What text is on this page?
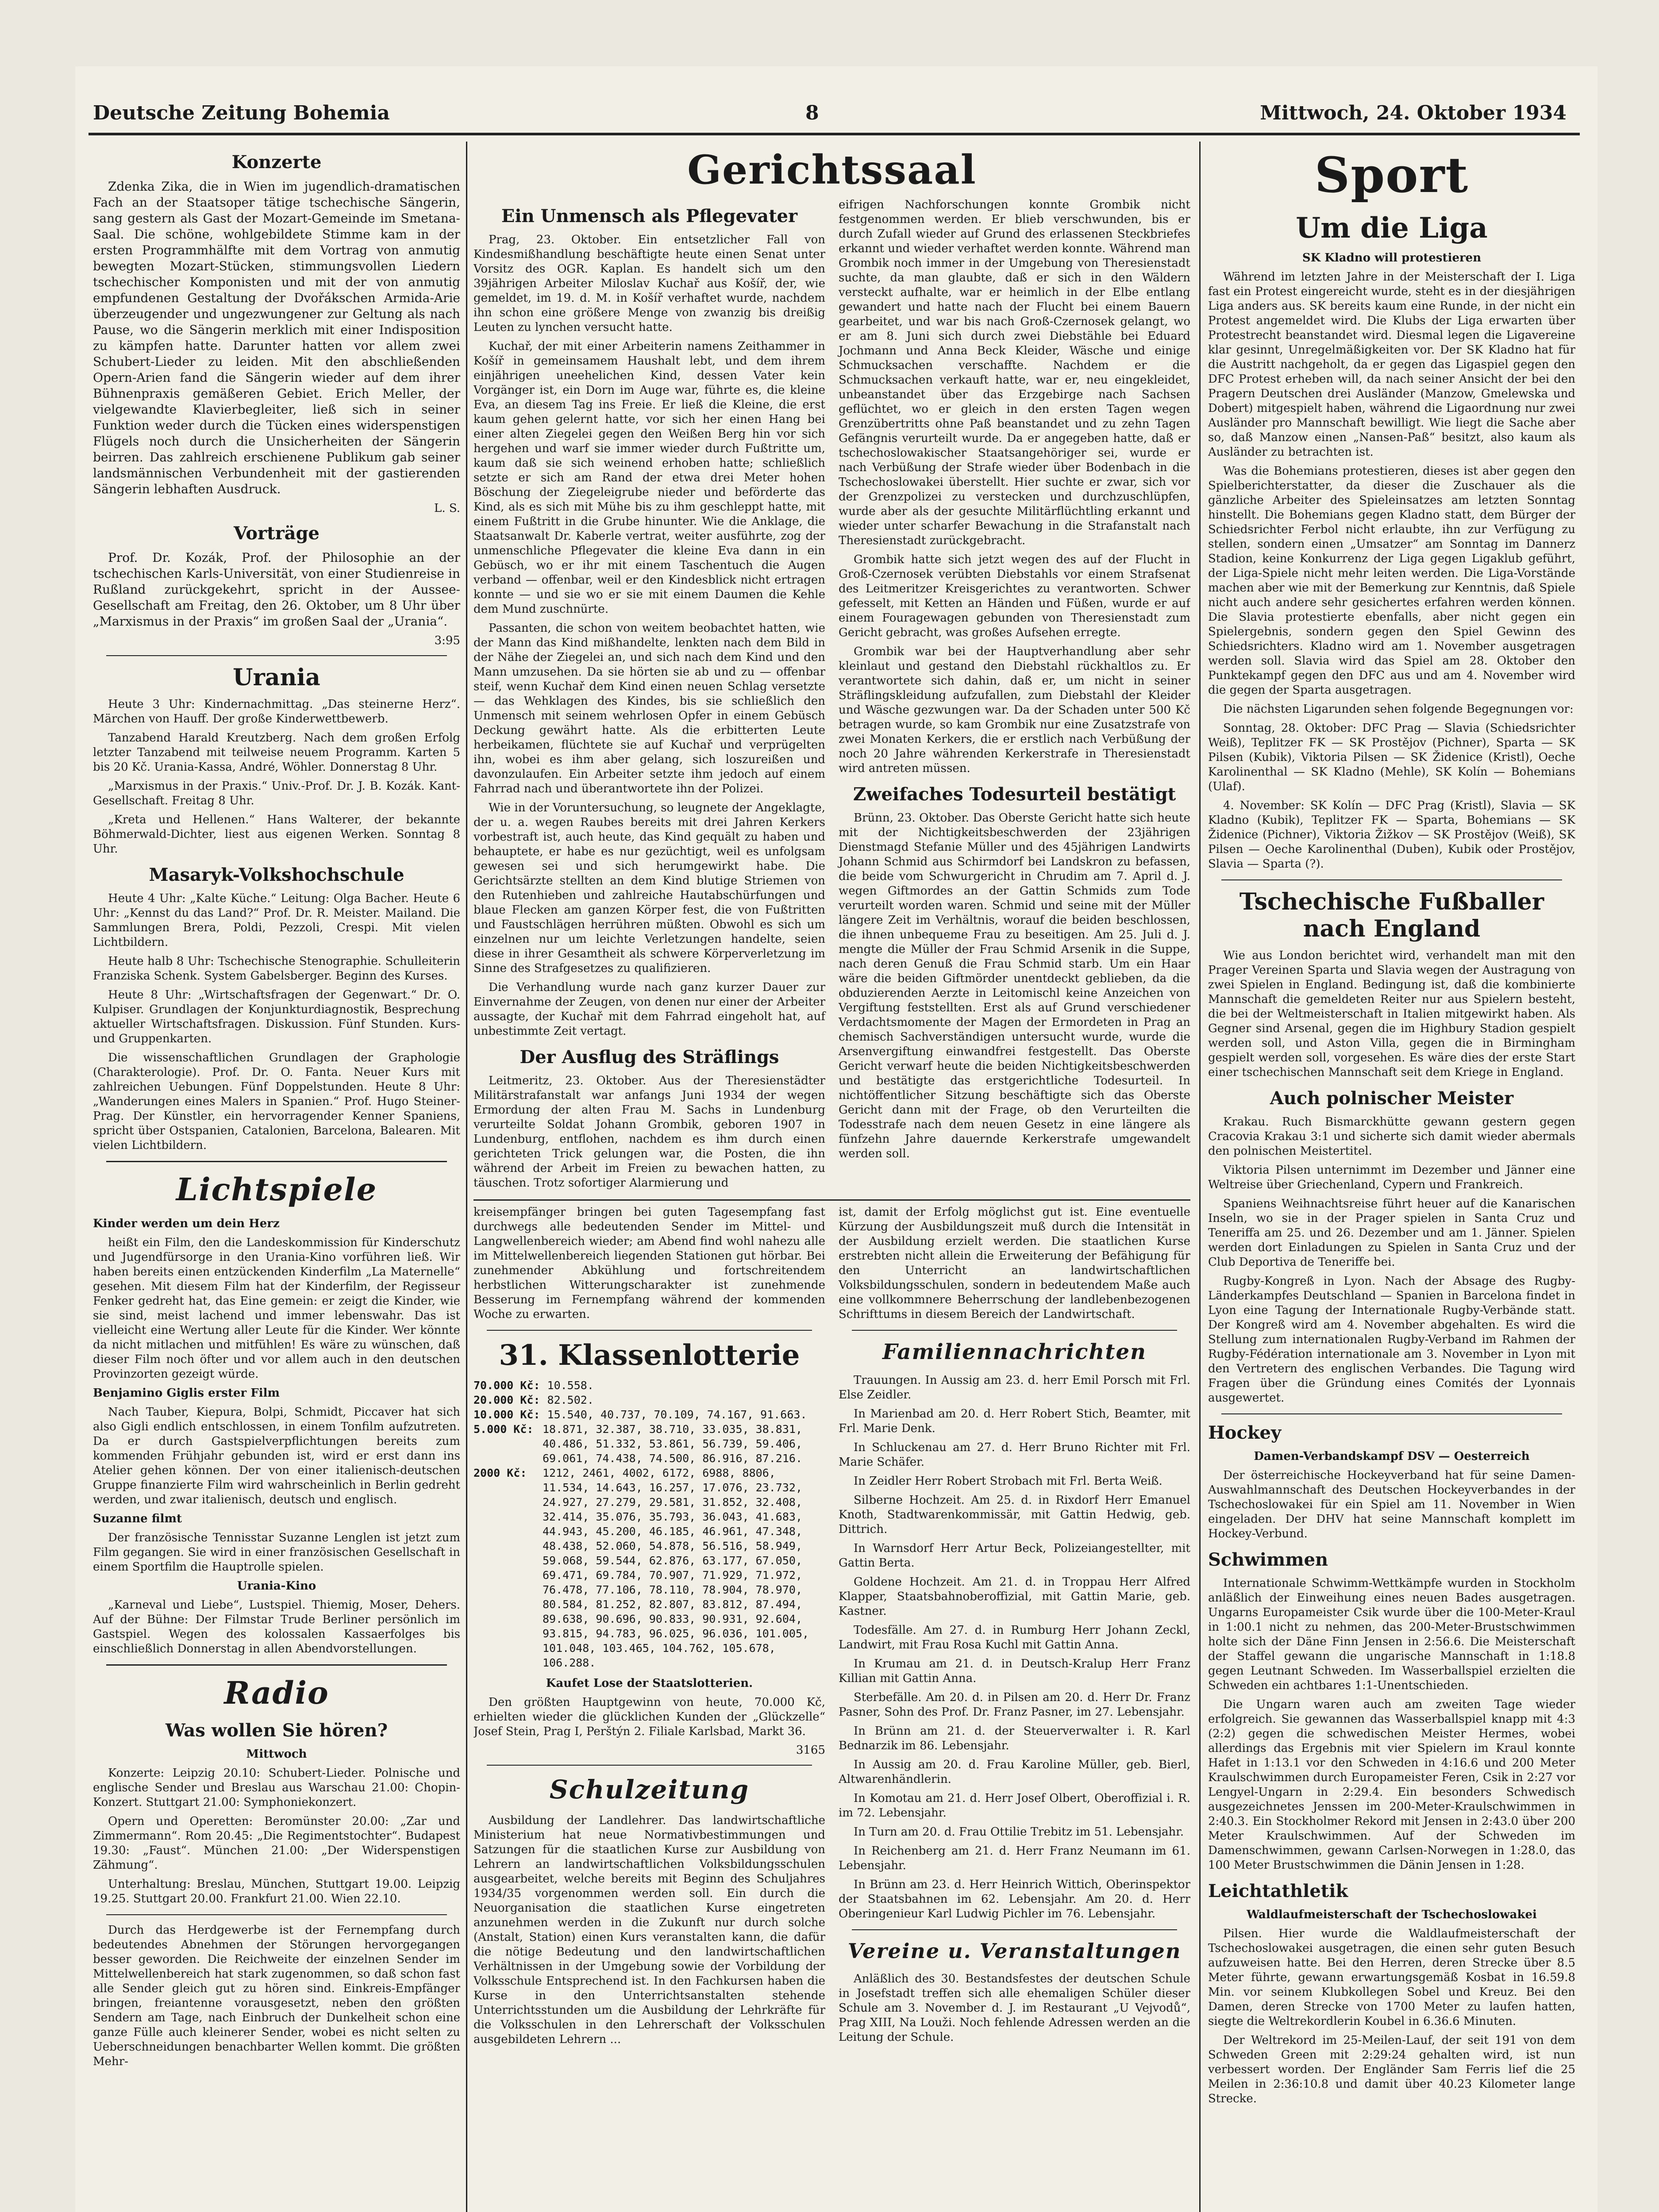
Deutsche Zeitung Bohemia	8	Mittwoch, 24. Oktober 1934
Konzerte

Zdenka Zika, die in Wien im jugendlich-dramatischen Fach an der Staatsoper tätige tschechische Sängerin, sang gestern als Gast der Mozart-Gemeinde im Smetana-Saal. Die schöne, wohlgebildete Stimme kam in der ersten Programmhälfte mit dem Vortrag von anmutig bewegten Mozart-Stücken, stimmungsvollen Liedern tschechischer Komponisten und mit der von anmutig empfundenen Gestaltung der Dvořákschen Armida-Arie überzeugender und ungezwungener zur Geltung als nach Pause, wo die Sängerin merklich mit einer Indisposition zu kämpfen hatte. Darunter hatten vor allem zwei Schubert-Lieder zu leiden. Mit den abschließenden Opern-Arien fand die Sängerin wieder auf dem ihrer Bühnenpraxis gemäßeren Gebiet. Erich Meller, der vielgewandte Klavierbegleiter, ließ sich in seiner Funktion weder durch die Tücken eines widerspenstigen Flügels noch durch die Unsicherheiten der Sängerin beirren. Das zahlreich erschienene Publikum gab seiner landsmännischen Verbundenheit mit der gastierenden Sängerin lebhaften Ausdruck.

L. S.
Vorträge

Prof. Dr. Kozák, Prof. der Philosophie an der tschechischen Karls-Universität, von einer Studienreise in Rußland zurückgekehrt, spricht in der Aussee-Gesellschaft am Freitag, den 26. Oktober, um 8 Uhr über „Marxismus in der Praxis“ im großen Saal der „Urania“.

3:95
Urania

Heute 3 Uhr: Kindernachmittag. „Das steinerne Herz“. Märchen von Hauff. Der große Kinderwettbewerb.

Tanzabend Harald Kreutzberg. Nach dem großen Erfolg letzter Tanzabend mit teilweise neuem Programm. Karten 5 bis 20 Kč. Urania-Kassa, André, Wöhler. Donnerstag 8 Uhr.

„Marxismus in der Praxis.“ Univ.-Prof. Dr. J. B. Kozák. Kant-Gesellschaft. Freitag 8 Uhr.

„Kreta und Hellenen.“ Hans Walterer, der bekannte Böhmerwald-Dichter, liest aus eigenen Werken. Sonntag 8 Uhr.

Masaryk-Volkshochschule

Heute 4 Uhr: „Kalte Küche.“ Leitung: Olga Bacher. Heute 6 Uhr: „Kennst du das Land?“ Prof. Dr. R. Meister. Mailand. Die Sammlungen Brera, Poldi, Pezzoli, Crespi. Mit vielen Lichtbildern.

Heute halb 8 Uhr: Tschechische Stenographie. Schulleiterin Franziska Schenk. System Gabelsberger. Beginn des Kurses.

Heute 8 Uhr: „Wirtschaftsfragen der Gegenwart.“ Dr. O. Kulpiser. Grundlagen der Konjunkturdiagnostik, Besprechung aktueller Wirtschaftsfragen. Diskussion. Fünf Stunden. Kurs- und Gruppenkarten.

Die wissenschaftlichen Grundlagen der Graphologie (Charakterologie). Prof. Dr. O. Fanta. Neuer Kurs mit zahlreichen Uebungen. Fünf Doppelstunden. Heute 8 Uhr: „Wanderungen eines Malers in Spanien.“ Prof. Hugo Steiner-Prag. Der Künstler, ein hervorragender Kenner Spaniens, spricht über Ostspanien, Catalonien, Barcelona, Balearen. Mit vielen Lichtbildern.

Lichtspiele

Kinder werden um dein Herz

heißt ein Film, den die Landeskommission für Kinderschutz und Jugendfürsorge in den Urania-Kino vorführen ließ. Wir haben bereits einen entzückenden Kinderfilm „La Maternelle“ gesehen. Mit diesem Film hat der Kinderfilm, der Regisseur Fenker gedreht hat, das Eine gemein: er zeigt die Kinder, wie sie sind, meist lachend und immer lebenswahr. Das ist vielleicht eine Wertung aller Leute für die Kinder. Wer könnte da nicht mitlachen und mitfühlen! Es wäre zu wünschen, daß dieser Film noch öfter und vor allem auch in den deutschen Provinzorten gezeigt würde.

Benjamino Giglis erster Film

Nach Tauber, Kiepura, Bolpi, Schmidt, Piccaver hat sich also Gigli endlich entschlossen, in einem Tonfilm aufzutreten. Da er durch Gastspielverpflichtungen bereits zum kommenden Frühjahr gebunden ist, wird er erst dann ins Atelier gehen können. Der von einer italienisch-deutschen Gruppe finanzierte Film wird wahrscheinlich in Berlin gedreht werden, und zwar italienisch, deutsch und englisch.

Suzanne filmt

Der französische Tennisstar Suzanne Lenglen ist jetzt zum Film gegangen. Sie wird in einer französischen Gesellschaft in einem Sportfilm die Hauptrolle spielen.

Urania-Kino

„Karneval und Liebe“, Lustspiel. Thiemig, Moser, Dehers. Auf der Bühne: Der Filmstar Trude Berliner persönlich im Gastspiel. Wegen des kolossalen Kassaerfolges bis einschließlich Donnerstag in allen Abendvorstellungen.

Radio
Was wollen Sie hören?

Mittwoch

Konzerte: Leipzig 20.10: Schubert-Lieder. Polnische und englische Sender und Breslau aus Warschau 21.00: Chopin-Konzert. Stuttgart 21.00: Symphoniekonzert.

Opern und Operetten: Beromünster 20.00: „Zar und Zimmermann“. Rom 20.45: „Die Regimentstochter“. Budapest 19.30: „Faust“. München 21.00: „Der Widerspenstigen Zähmung“.

Unterhaltung: Breslau, München, Stuttgart 19.00. Leipzig 19.25. Stuttgart 20.00. Frankfurt 21.00. Wien 22.10.

Durch das Herdgewerbe ist der Fernempfang durch bedeutendes Abnehmen der Störungen hervorgegangen besser geworden. Die Reichweite der einzelnen Sender im Mittelwellenbereich hat stark zugenommen, so daß schon fast alle Sender gleich gut zu hören sind. Einkreis-Empfänger bringen, freiantenne vorausgesetzt, neben den größten Sendern am Tage, nach Einbruch der Dunkelheit schon eine ganze Fülle auch kleinerer Sender, wobei es nicht selten zu Ueberschneidungen benachbarter Wellen kommt. Die größten Mehr-

Gerichtssaal
Ein Unmensch als Pflegevater

Prag, 23. Oktober. Ein entsetzlicher Fall von Kindesmißhandlung beschäftigte heute einen Senat unter Vorsitz des OGR. Kaplan. Es handelt sich um den 39jährigen Arbeiter Miloslav Kuchař aus Košíř, der, wie gemeldet, im 19. d. M. in Košíř verhaftet wurde, nachdem ihn schon eine größere Menge von zwanzig bis dreißig Leuten zu lynchen versucht hatte.

Kuchař, der mit einer Arbeiterin namens Zeithammer in Košíř in gemeinsamem Haushalt lebt, und dem ihrem einjährigen uneehelichen Kind, dessen Vater kein Vorgänger ist, ein Dorn im Auge war, führte es, die kleine Eva, an diesem Tag ins Freie. Er ließ die Kleine, die erst kaum gehen gelernt hatte, vor sich her einen Hang bei einer alten Ziegelei gegen den Weißen Berg hin vor sich hergehen und warf sie immer wieder durch Fußtritte um, kaum daß sie sich weinend erhoben hatte; schließlich setzte er sich am Rand der etwa drei Meter hohen Böschung der Ziegeleigrube nieder und beförderte das Kind, als es sich mit Mühe bis zu ihm geschleppt hatte, mit einem Fußtritt in die Grube hinunter. Wie die Anklage, die Staatsanwalt Dr. Kaberle vertrat, weiter ausführte, zog der unmenschliche Pflegevater die kleine Eva dann in ein Gebüsch, wo er ihr mit einem Taschentuch die Augen verband — offenbar, weil er den Kindesblick nicht ertragen konnte — und sie wo er sie mit einem Daumen die Kehle dem Mund zuschnürte.

Passanten, die schon von weitem beobachtet hatten, wie der Mann das Kind mißhandelte, lenkten nach dem Bild in der Nähe der Ziegelei an, und sich nach dem Kind und den Mann umzusehen. Da sie hörten sie ab und zu — offenbar steif, wenn Kuchař dem Kind einen neuen Schlag versetzte — das Wehklagen des Kindes, bis sie schließlich den Unmensch mit seinem wehrlosen Opfer in einem Gebüsch Deckung gewährt hatte. Als die erbitterten Leute herbeikamen, flüchtete sie auf Kuchař und verprügelten ihn, wobei es ihm aber gelang, sich loszureißen und davonzulaufen. Ein Arbeiter setzte ihm jedoch auf einem Fahrrad nach und überantwortete ihn der Polizei.

Wie in der Voruntersuchung, so leugnete der Angeklagte, der u. a. wegen Raubes bereits mit drei Jahren Kerkers vorbestraft ist, auch heute, das Kind gequält zu haben und behauptete, er habe es nur gezüchtigt, weil es unfolgsam gewesen sei und sich herumgewirkt habe. Die Gerichtsärzte stellten an dem Kind blutige Striemen von den Rutenhieben und zahlreiche Hautabschürfungen und blaue Flecken am ganzen Körper fest, die von Fußtritten und Faustschlägen herrühren müßten. Obwohl es sich um einzelnen nur um leichte Verletzungen handelte, seien diese in ihrer Gesamtheit als schwere Körperverletzung im Sinne des Strafgesetzes zu qualifizieren.

Die Verhandlung wurde nach ganz kurzer Dauer zur Einvernahme der Zeugen, von denen nur einer der Arbeiter aussagte, der Kuchař mit dem Fahrrad eingeholt hat, auf unbestimmte Zeit vertagt.

Der Ausflug des Sträflings

Leitmeritz, 23. Oktober. Aus der Theresienstädter Militärstrafanstalt war anfangs Juni 1934 der wegen Ermordung der alten Frau M. Sachs in Lundenburg verurteilte Soldat Johann Grombik, geboren 1907 in Lundenburg, entflohen, nachdem es ihm durch einen gerichteten Trick gelungen war, die Posten, die ihn während der Arbeit im Freien zu bewachen hatten, zu täuschen. Trotz sofortiger Alarmierung und

eifrigen Nachforschungen konnte Grombik nicht festgenommen werden. Er blieb verschwunden, bis er durch Zufall wieder auf Grund des erlassenen Steckbriefes erkannt und wieder verhaftet werden konnte. Während man Grombik noch immer in der Umgebung von Theresienstadt suchte, da man glaubte, daß er sich in den Wäldern versteckt aufhalte, war er heimlich in der Elbe entlang gewandert und hatte nach der Flucht bei einem Bauern gearbeitet, und war bis nach Groß-Czernosek gelangt, wo er am 8. Juni sich durch zwei Diebstähle bei Eduard Jochmann und Anna Beck Kleider, Wäsche und einige Schmucksachen verschaffte. Nachdem er die Schmucksachen verkauft hatte, war er, neu eingekleidet, unbeanstandet über das Erzgebirge nach Sachsen geflüchtet, wo er gleich in den ersten Tagen wegen Grenzübertritts ohne Paß beanstandet und zu zehn Tagen Gefängnis verurteilt wurde. Da er angegeben hatte, daß er tschechoslowakischer Staatsangehöriger sei, wurde er nach Verbüßung der Strafe wieder über Bodenbach in die Tschechoslowakei überstellt. Hier suchte er zwar, sich vor der Grenzpolizei zu verstecken und durchzuschlüpfen, wurde aber als der gesuchte Militärflüchtling erkannt und wieder unter scharfer Bewachung in die Strafanstalt nach Theresienstadt zurückgebracht.

Grombik hatte sich jetzt wegen des auf der Flucht in Groß-Czernosek verübten Diebstahls vor einem Strafsenat des Leitmeritzer Kreisgerichtes zu verantworten. Schwer gefesselt, mit Ketten an Händen und Füßen, wurde er auf einem Fouragewagen gebunden von Theresienstadt zum Gericht gebracht, was großes Aufsehen erregte.

Grombik war bei der Hauptverhandlung aber sehr kleinlaut und gestand den Diebstahl rückhaltlos zu. Er verantwortete sich dahin, daß er, um nicht in seiner Sträflingskleidung aufzufallen, zum Diebstahl der Kleider und Wäsche gezwungen war. Da der Schaden unter 500 Kč betragen wurde, so kam Grombik nur eine Zusatzstrafe von zwei Monaten Kerkers, die er erstlich nach Verbüßung der noch 20 Jahre währenden Kerkerstrafe in Theresienstadt wird antreten müssen.

Zweifaches Todesurteil bestätigt

Brünn, 23. Oktober. Das Oberste Gericht hatte sich heute mit der Nichtigkeitsbeschwerden der 23jährigen Dienstmagd Stefanie Müller und des 45jährigen Landwirts Johann Schmid aus Schirmdorf bei Landskron zu befassen, die beide vom Schwurgericht in Chrudim am 7. April d. J. wegen Giftmordes an der Gattin Schmids zum Tode verurteilt worden waren. Schmid und seine mit der Müller längere Zeit im Verhältnis, worauf die beiden beschlossen, die ihnen unbequeme Frau zu beseitigen. Am 25. Juli d. J. mengte die Müller der Frau Schmid Arsenik in die Suppe, nach deren Genuß die Frau Schmid starb. Um ein Haar wäre die beiden Giftmörder unentdeckt geblieben, da die obduzierenden Aerzte in Leitomischl keine Anzeichen von Vergiftung feststellten. Erst als auf Grund verschiedener Verdachtsmomente der Magen der Ermordeten in Prag an chemisch Sachverständigen untersucht wurde, wurde die Arsenvergiftung einwandfrei festgestellt. Das Oberste Gericht verwarf heute die beiden Nichtigkeitsbeschwerden und bestätigte das erstgerichtliche Todesurteil. In nichtöffentlicher Sitzung beschäftigte sich das Oberste Gericht dann mit der Frage, ob den Verurteilten die Todesstrafe nach dem neuen Gesetz in eine längere als fünfzehn Jahre dauernde Kerkerstrafe umgewandelt werden soll.

kreisempfänger bringen bei guten Tagesempfang fast durchwegs alle bedeutenden Sender im Mittel- und Langwellenbereich wieder; am Abend find wohl nahezu alle im Mittelwellenbereich liegenden Stationen gut hörbar. Bei zunehmender Abkühlung und fortschreitendem herbstlichen Witterungscharakter ist zunehmende Besserung im Fernempfang während der kommenden Woche zu erwarten.

31. Klassenlotterie
70.000 Kč: 10.558.
20.000 Kč: 82.502.
10.000 Kč: 15.540, 40.737, 70.109, 74.167, 91.663.
5.000 Kč: 18.871, 32.387, 38.710, 33.035, 38.831, 40.486, 51.332, 53.861, 56.739, 59.406, 69.061, 74.438, 74.500, 86.916, 87.216.
2000 Kč:	1212, 2461, 4002, 6172, 6988, 8806, 11.534, 14.643, 16.257, 17.076, 23.732, 24.927, 27.279, 29.581, 31.852, 32.408, 32.414, 35.076, 35.793, 36.043, 41.683, 44.943, 45.200, 46.185, 46.961, 47.348, 48.438, 52.060, 54.878, 56.516, 58.949, 59.068, 59.544, 62.876, 63.177, 67.050, 69.471, 69.784, 70.907, 71.929, 71.972, 76.478, 77.106, 78.110, 78.904, 78.970, 80.584, 81.252, 82.807, 83.812, 87.494, 89.638, 90.696, 90.833, 90.931, 92.604, 93.815, 94.783, 96.025, 96.036, 101.005, 101.048, 103.465, 104.762, 105.678, 106.288.

Kaufet Lose der Staatslotterien.

Den größten Hauptgewinn von heute, 70.000 Kč, erhielten wieder die glücklichen Kunden der „Glückzelle“ Josef Stein, Prag I, Perštýn 2. Filiale Karlsbad, Markt 36.

3165
Schulzeitung

Ausbildung der Landlehrer. Das landwirtschaftliche Ministerium hat neue Normativbestimmungen und Satzungen für die staatlichen Kurse zur Ausbildung von Lehrern an landwirtschaftlichen Volksbildungsschulen ausgearbeitet, welche bereits mit Beginn des Schuljahres 1934/35 vorgenommen werden soll. Ein durch die Neuorganisation die staatlichen Kurse eingetreten anzunehmen werden in die Zukunft nur durch solche (Anstalt, Station) einen Kurs veranstalten kann, die dafür die nötige Bedeutung und den landwirtschaftlichen Verhältnissen in der Umgebung sowie der Vorbildung der Volksschule Entsprechend ist. In den Fachkursen haben die Kurse in den Unterrichtsanstalten stehende Unterrichtsstunden um die Ausbildung der Lehrkräfte für die Volksschulen in den Lehrerschaft der Volksschulen ausgebildeten Lehrern ...

ist, damit der Erfolg möglichst gut ist. Eine eventuelle Kürzung der Ausbildungszeit muß durch die Intensität in der Ausbildung erzielt werden. Die staatlichen Kurse erstrebten nicht allein die Erweiterung der Befähigung für den Unterricht an landwirtschaftlichen Volksbildungsschulen, sondern in bedeutendem Maße auch eine vollkommnere Beherrschung der landlebenbezogenen Schrifttums in diesem Bereich der Landwirtschaft.

Familiennachrichten

Trauungen. In Aussig am 23. d. herr Emil Porsch mit Frl. Else Zeidler.

In Marienbad am 20. d. Herr Robert Stich, Beamter, mit Frl. Marie Denk.

In Schluckenau am 27. d. Herr Bruno Richter mit Frl. Marie Schäfer.

In Zeidler Herr Robert Strobach mit Frl. Berta Weiß.

Silberne Hochzeit. Am 25. d. in Rixdorf Herr Emanuel Knoth, Stadtwarenkommissär, mit Gattin Hedwig, geb. Dittrich.

In Warnsdorf Herr Artur Beck, Polizeiangestellter, mit Gattin Berta.

Goldene Hochzeit. Am 21. d. in Troppau Herr Alfred Klapper, Staatsbahnoberoffizial, mit Gattin Marie, geb. Kastner.

Todesfälle. Am 27. d. in Rumburg Herr Johann Zeckl, Landwirt, mit Frau Rosa Kuchl mit Gattin Anna.

In Krumau am 21. d. in Deutsch-Kralup Herr Franz Killian mit Gattin Anna.

Sterbefälle. Am 20. d. in Pilsen am 20. d. Herr Dr. Franz Pasner, Sohn des Prof. Dr. Franz Pasner, im 27. Lebensjahr.

In Brünn am 21. d. der Steuerverwalter i. R. Karl Bednarzik im 86. Lebensjahr.

In Aussig am 20. d. Frau Karoline Müller, geb. Bierl, Altwarenhändlerin.

In Komotau am 21. d. Herr Josef Olbert, Oberoffizial i. R. im 72. Lebensjahr.

In Turn am 20. d. Frau Ottilie Trebitz im 51. Lebensjahr.

In Reichenberg am 21. d. Herr Franz Neumann im 61. Lebensjahr.

In Brünn am 23. d. Herr Heinrich Wittich, Oberinspektor der Staatsbahnen im 62. Lebensjahr. Am 20. d. Herr Oberingenieur Karl Ludwig Pichler im 76. Lebensjahr.

Vereine u. Veranstaltungen

Anläßlich des 30. Bestandsfestes der deutschen Schule in Josefstadt treffen sich alle ehemaligen Schüler dieser Schule am 3. November d. J. im Restaurant „U Vejvodů“, Prag XIII, Na Louži. Noch fehlende Adressen werden an die Leitung der Schule.

Sport
Um die Liga

SK Kladno will protestieren

Während im letzten Jahre in der Meisterschaft der I. Liga fast ein Protest eingereicht wurde, steht es in der diesjährigen Liga anders aus. SK bereits kaum eine Runde, in der nicht ein Protest angemeldet wird. Die Klubs der Liga erwarten über Protestrecht beanstandet wird. Diesmal legen die Ligavereine klar gesinnt, Unregelmäßigkeiten vor. Der SK Kladno hat für die Austritt nachgeholt, da er gegen das Ligaspiel gegen den DFC Protest erheben will, da nach seiner Ansicht der bei den Pragern Deutschen drei Ausländer (Manzow, Gmelewska und Dobert) mitgespielt haben, während die Ligaordnung nur zwei Ausländer pro Mannschaft bewilligt. Wie liegt die Sache aber so, daß Manzow einen „Nansen-Paß“ besitzt, also kaum als Ausländer zu betrachten ist.

Was die Bohemians protestieren, dieses ist aber gegen den Spielberichterstatter, da dieser die Zuschauer als die gänzliche Arbeiter des Spieleinsatzes am letzten Sonntag hinstellt. Die Bohemians gegen Kladno statt, dem Bürger der Schiedsrichter Ferbol nicht erlaubte, ihn zur Verfügung zu stellen, sondern einen „Umsatzer“ am Sonntag im Dannerz Stadion, keine Konkurrenz der Liga gegen Ligaklub geführt, der Liga-Spiele nicht mehr leiten werden. Die Liga-Vorstände machen aber wie mit der Bemerkung zur Kenntnis, daß Spiele nicht auch andere sehr gesichertes erfahren werden können. Die Slavia protestierte ebenfalls, aber nicht gegen ein Spielergebnis, sondern gegen den Spiel Gewinn des Schiedsrichters. Kladno wird am 1. November ausgetragen werden soll. Slavia wird das Spiel am 28. Oktober den Punktekampf gegen den DFC aus und am 4. November wird die gegen der Sparta ausgetragen.

Die nächsten Ligarunden sehen folgende Begegnungen vor:

Sonntag, 28. Oktober: DFC Prag — Slavia (Schiedsrichter Weiß), Teplitzer FK — SK Prostějov (Pichner), Sparta — SK Pilsen (Kubik), Viktoria Pilsen — SK Židenice (Kristl), Oeche Karolinenthal — SK Kladno (Mehle), SK Kolín — Bohemians (Ulaf).

4. November: SK Kolín — DFC Prag (Kristl), Slavia — SK Kladno (Kubik), Teplitzer FK — Sparta, Bohemians — SK Židenice (Pichner), Viktoria Žižkov — SK Prostějov (Weiß), SK Pilsen — Oeche Karolinenthal (Duben), Kubik oder Prostějov, Slavia — Sparta (?).

Tschechische Fußballer nach England

Wie aus London berichtet wird, verhandelt man mit den Prager Vereinen Sparta und Slavia wegen der Austragung von zwei Spielen in England. Bedingung ist, daß die kombinierte Mannschaft die gemeldeten Reiter nur aus Spielern besteht, die bei der Weltmeisterschaft in Italien mitgewirkt haben. Als Gegner sind Arsenal, gegen die im Highbury Stadion gespielt werden soll, und Aston Villa, gegen die in Birmingham gespielt werden soll, vorgesehen. Es wäre dies der erste Start einer tschechischen Mannschaft seit dem Kriege in England.

Auch polnischer Meister

Krakau. Ruch Bismarckhütte gewann gestern gegen Cracovia Krakau 3:1 und sicherte sich damit wieder abermals den polnischen Meistertitel.

Viktoria Pilsen unternimmt im Dezember und Jänner eine Weltreise über Griechenland, Cypern und Frankreich.

Spaniens Weihnachtsreise führt heuer auf die Kanarischen Inseln, wo sie in der Prager spielen in Santa Cruz und Teneriffa am 25. und 26. Dezember und am 1. Jänner. Spielen werden dort Einladungen zu Spielen in Santa Cruz und der Club Deportiva de Teneriffe bei.

Rugby-Kongreß in Lyon. Nach der Absage des Rugby-Länderkampfes Deutschland — Spanien in Barcelona findet in Lyon eine Tagung der Internationale Rugby-Verbände statt. Der Kongreß wird am 4. November abgehalten. Es wird die Stellung zum internationalen Rugby-Verband im Rahmen der Rugby-Fédération internationale am 3. November in Lyon mit den Vertretern des englischen Verbandes. Die Tagung wird Fragen über die Gründung eines Comités der Lyonnais ausgewertet.

Hockey

Damen-Verbandskampf DSV — Oesterreich

Der österreichische Hockeyverband hat für seine Damen-Auswahlmannschaft des Deutschen Hockeyverbandes in der Tschechoslowakei für ein Spiel am 11. November in Wien eingeladen. Der DHV hat seine Mannschaft komplett im Hockey-Verbund.

Schwimmen

Internationale Schwimm-Wettkämpfe wurden in Stockholm anläßlich der Einweihung eines neuen Bades ausgetragen. Ungarns Europameister Csik wurde über die 100-Meter-Kraul in 1:00.1 nicht zu nehmen, das 200-Meter-Brustschwimmen holte sich der Däne Finn Jensen in 2:56.6. Die Meisterschaft der Staffel gewann die ungarische Mannschaft in 1:18.8 gegen Leutnant Schweden. Im Wasserballspiel erzielten die Schweden ein achtbares 1:1-Unentschieden.

Die Ungarn waren auch am zweiten Tage wieder erfolgreich. Sie gewannen das Wasserballspiel knapp mit 4:3 (2:2) gegen die schwedischen Meister Hermes, wobei allerdings das Ergebnis mit vier Spielern im Kraul konnte Hafet in 1:13.1 vor den Schweden in 4:16.6 und 200 Meter Kraulschwimmen durch Europameister Feren, Csik in 2:27 vor Lengyel-Ungarn in 2:29.4. Ein besonders Schwedisch ausgezeichnetes Jenssen im 200-Meter-Kraulschwimmen in 2:40.3. Ein Stockholmer Rekord mit Jensen in 2:43.0 über 200 Meter Kraulschwimmen. Auf der Schweden im Damenschwimmen, gewann Carlsen-Norwegen in 1:28.0, das 100 Meter Brustschwimmen die Dänin Jensen in 1:28.

Leichtathletik

Waldlaufmeisterschaft der Tschechoslowakei

Pilsen. Hier wurde die Waldlaufmeisterschaft der Tschechoslowakei ausgetragen, die einen sehr guten Besuch aufzuweisen hatte. Bei den Herren, deren Strecke über 8.5 Meter führte, gewann erwartungsgemäß Kosbat in 16.59.8 Min. vor seinem Klubkollegen Sobel und Kreuz. Bei den Damen, deren Strecke von 1700 Meter zu laufen hatten, siegte die Weltrekordlerin Koubel in 6.36.6 Minuten.

Der Weltrekord im 25-Meilen-Lauf, der seit 191 von dem Schweden Green mit 2:29:24 gehalten wird, ist nun verbessert worden. Der Engländer Sam Ferris lief die 25 Meilen in 2:36:10.8 und damit über 40.23 Kilometer lange Strecke.
